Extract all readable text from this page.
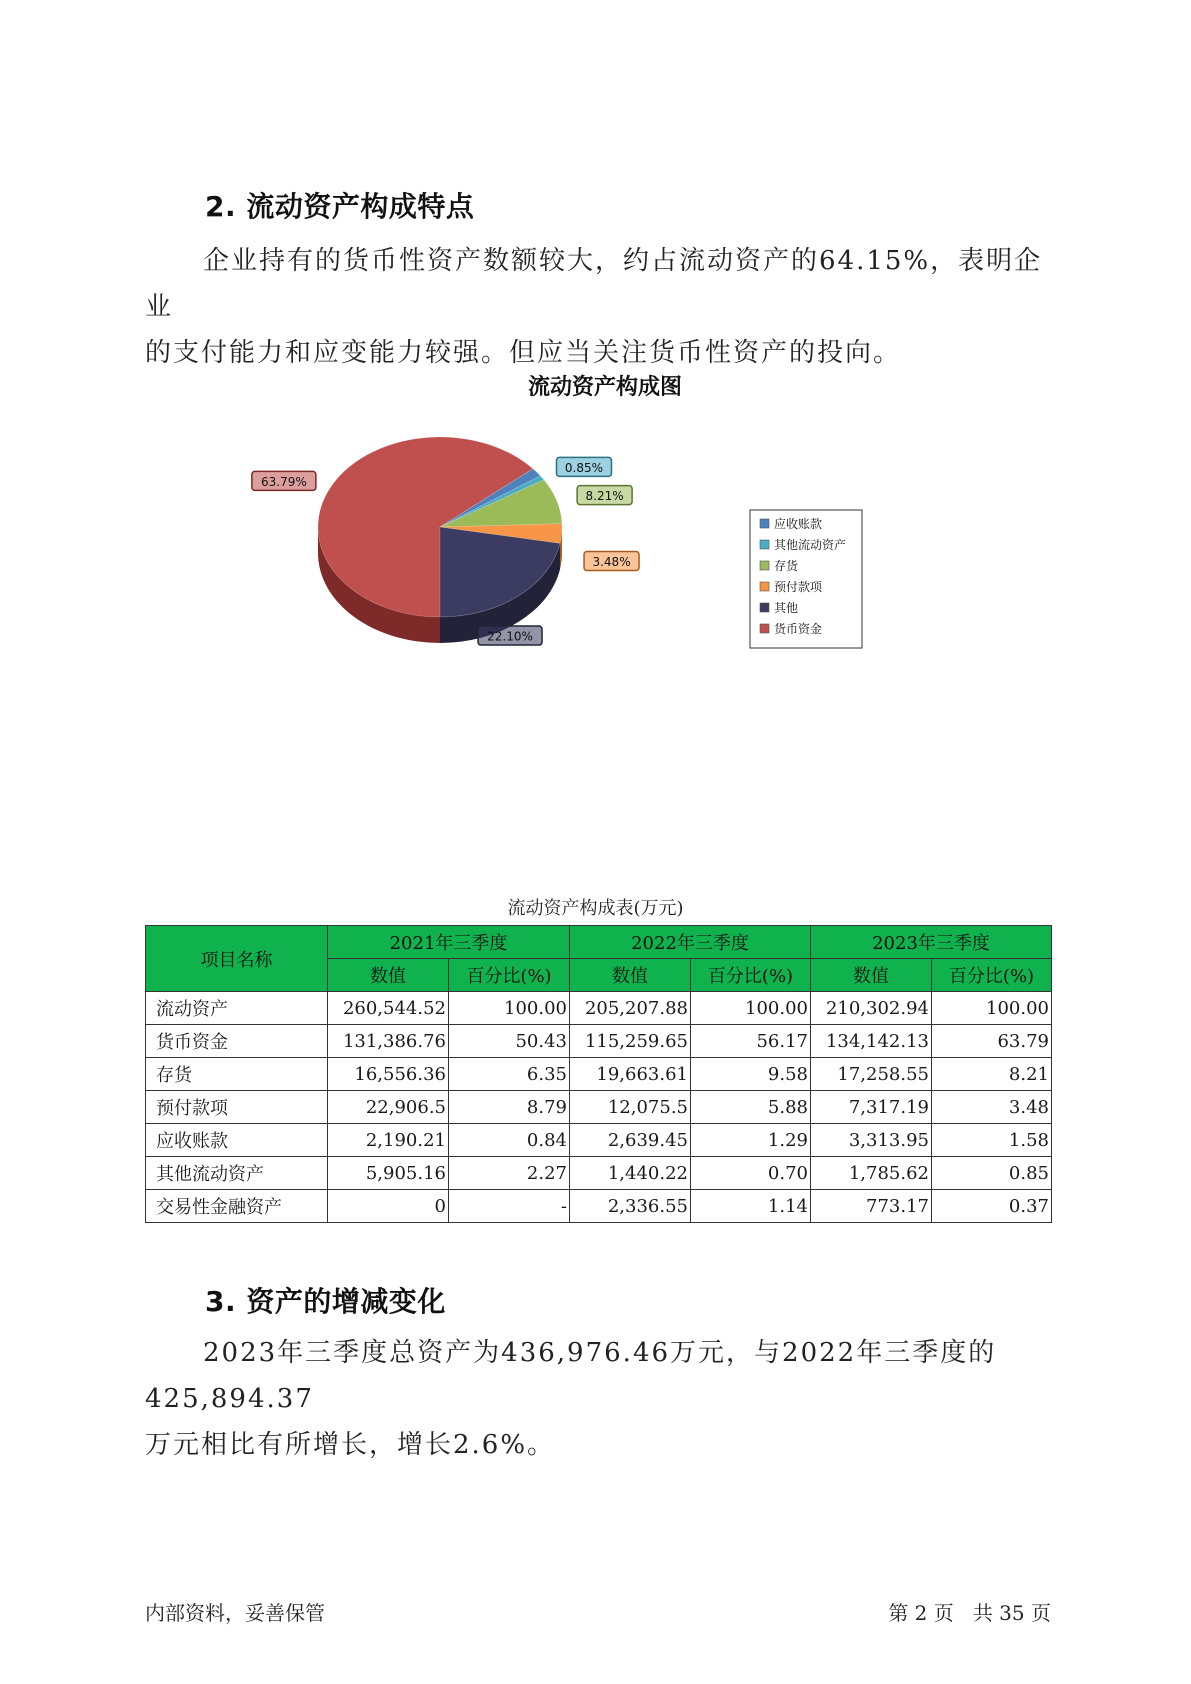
2. 流动资产构成特点

企业持有的货币性资产数额较大，约占流动资产的64.15%，表明企业
的支付能力和应变能力较强。但应当关注货币性资产的投向。

流动资产构成图
63.79%
0.85%
8.21%
3.48%
22.10%
应收账款
其他流动资产
存货
预付款项
其他
货币资金
流动资产构成表(万元)
项目名称	2021年三季度		2022年三季度		2023年三季度	
	数值	百分比(%)	数值	百分比(%)	数值	百分比(%)
流动资产	260,544.52	100.00	205,207.88	100.00	210,302.94	100.00
货币资金	131,386.76	50.43	115,259.65	56.17	134,142.13	63.79
存货	16,556.36	6.35	19,663.61	9.58	17,258.55	8.21
预付款项	22,906.5	8.79	12,075.5	5.88	7,317.19	3.48
应收账款	2,190.21	0.84	2,639.45	1.29	3,313.95	1.58
其他流动资产	5,905.16	2.27	1,440.22	0.70	1,785.62	0.85
交易性金融资产	0	-	2,336.55	1.14	773.17	0.37
3. 资产的增减变化

2023年三季度总资产为436,976.46万元，与2022年三季度的425,894.37
万元相比有所增长，增长2.6%。

内部资料，妥善保管	第 2 页   共 35 页
